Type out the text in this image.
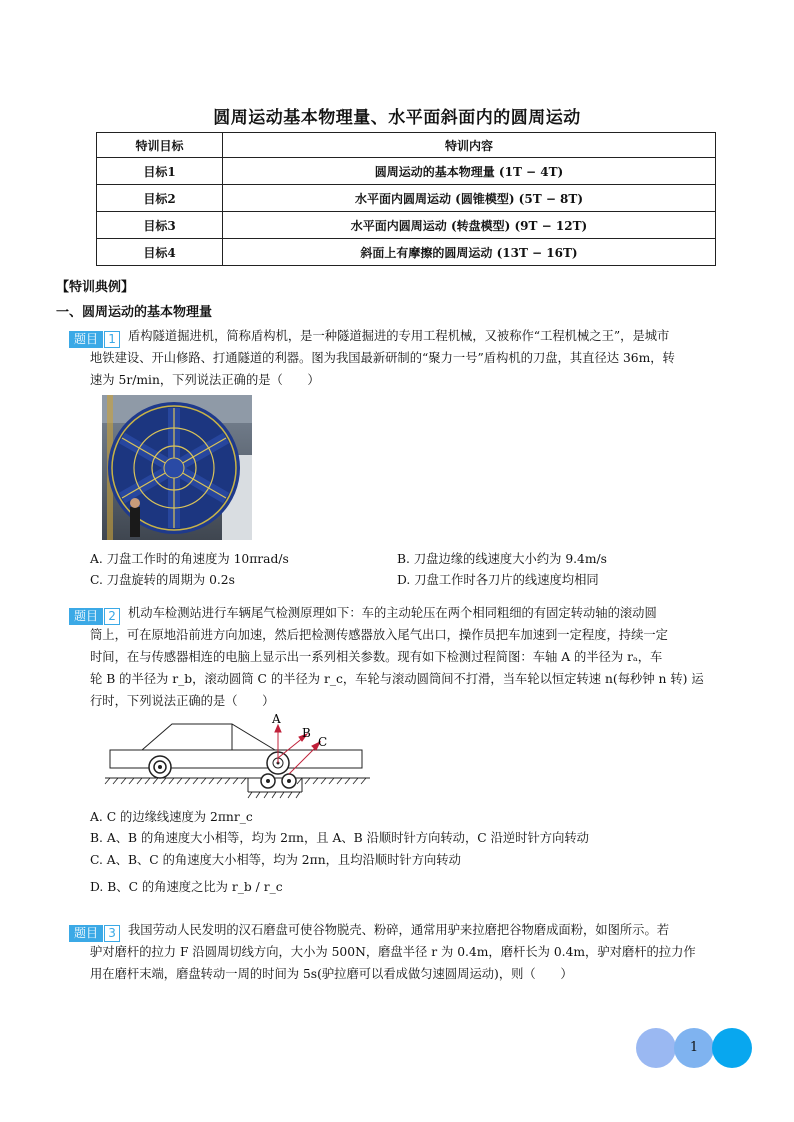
圆周运动基本物理量、水平面斜面内的圆周运动
特训目标	特训内容
目标1	圆周运动的基本物理量 (1T − 4T)
目标2	水平面内圆周运动 (圆锥模型) (5T − 8T)
目标3	水平面内圆周运动 (转盘模型) (9T − 12T)
目标4	斜面上有摩擦的圆周运动 (13T − 16T)
【特训典例】
一、圆周运动的基本物理量
题目 1 盾构隧道掘进机，简称盾构机，是一种隧道掘进的专用工程机械，又被称作“工程机械之王”，是城市
地铁建设、开山修路、打通隧道的利器。图为我国最新研制的“聚力一号”盾构机的刀盘，其直径达 36m，转
速为 5r/min，下列说法正确的是（　　）
A. 刀盘工作时的角速度为 10πrad/s	B. 刀盘边缘的线速度大小约为 9.4m/s
C. 刀盘旋转的周期为 0.2s	D. 刀盘工作时各刀片的线速度均相同
题目 2 机动车检测站进行车辆尾气检测原理如下：车的主动轮压在两个相同粗细的有固定转动轴的滚动圆
筒上，可在原地沿前进方向加速，然后把检测传感器放入尾气出口，操作员把车加速到一定程度，持续一定
时间，在与传感器相连的电脑上显示出一系列相关参数。现有如下检测过程简图：车轴 A 的半径为 rₐ，车
轮 B 的半径为 r_b，滚动圆筒 C 的半径为 r_c，车轮与滚动圆筒间不打滑，当车轮以恒定转速 n(每秒钟 n 转) 运
行时，下列说法正确的是（　　）
A
B
C
A. C 的边缘线速度为 2πnr_c
B. A、B 的角速度大小相等，均为 2πn，且 A、B 沿顺时针方向转动，C 沿逆时针方向转动
C. A、B、C 的角速度大小相等，均为 2πn，且均沿顺时针方向转动
D. B、C 的角速度之比为 r_b / r_c
题目 3 我国劳动人民发明的汉石磨盘可使谷物脱壳、粉碎，通常用驴来拉磨把谷物磨成面粉，如图所示。若
驴对磨杆的拉力 F 沿圆周切线方向，大小为 500N，磨盘半径 r 为 0.4m，磨杆长为 0.4m，驴对磨杆的拉力作
用在磨杆末端，磨盘转动一周的时间为 5s(驴拉磨可以看成做匀速圆周运动)，则（　　）
1
